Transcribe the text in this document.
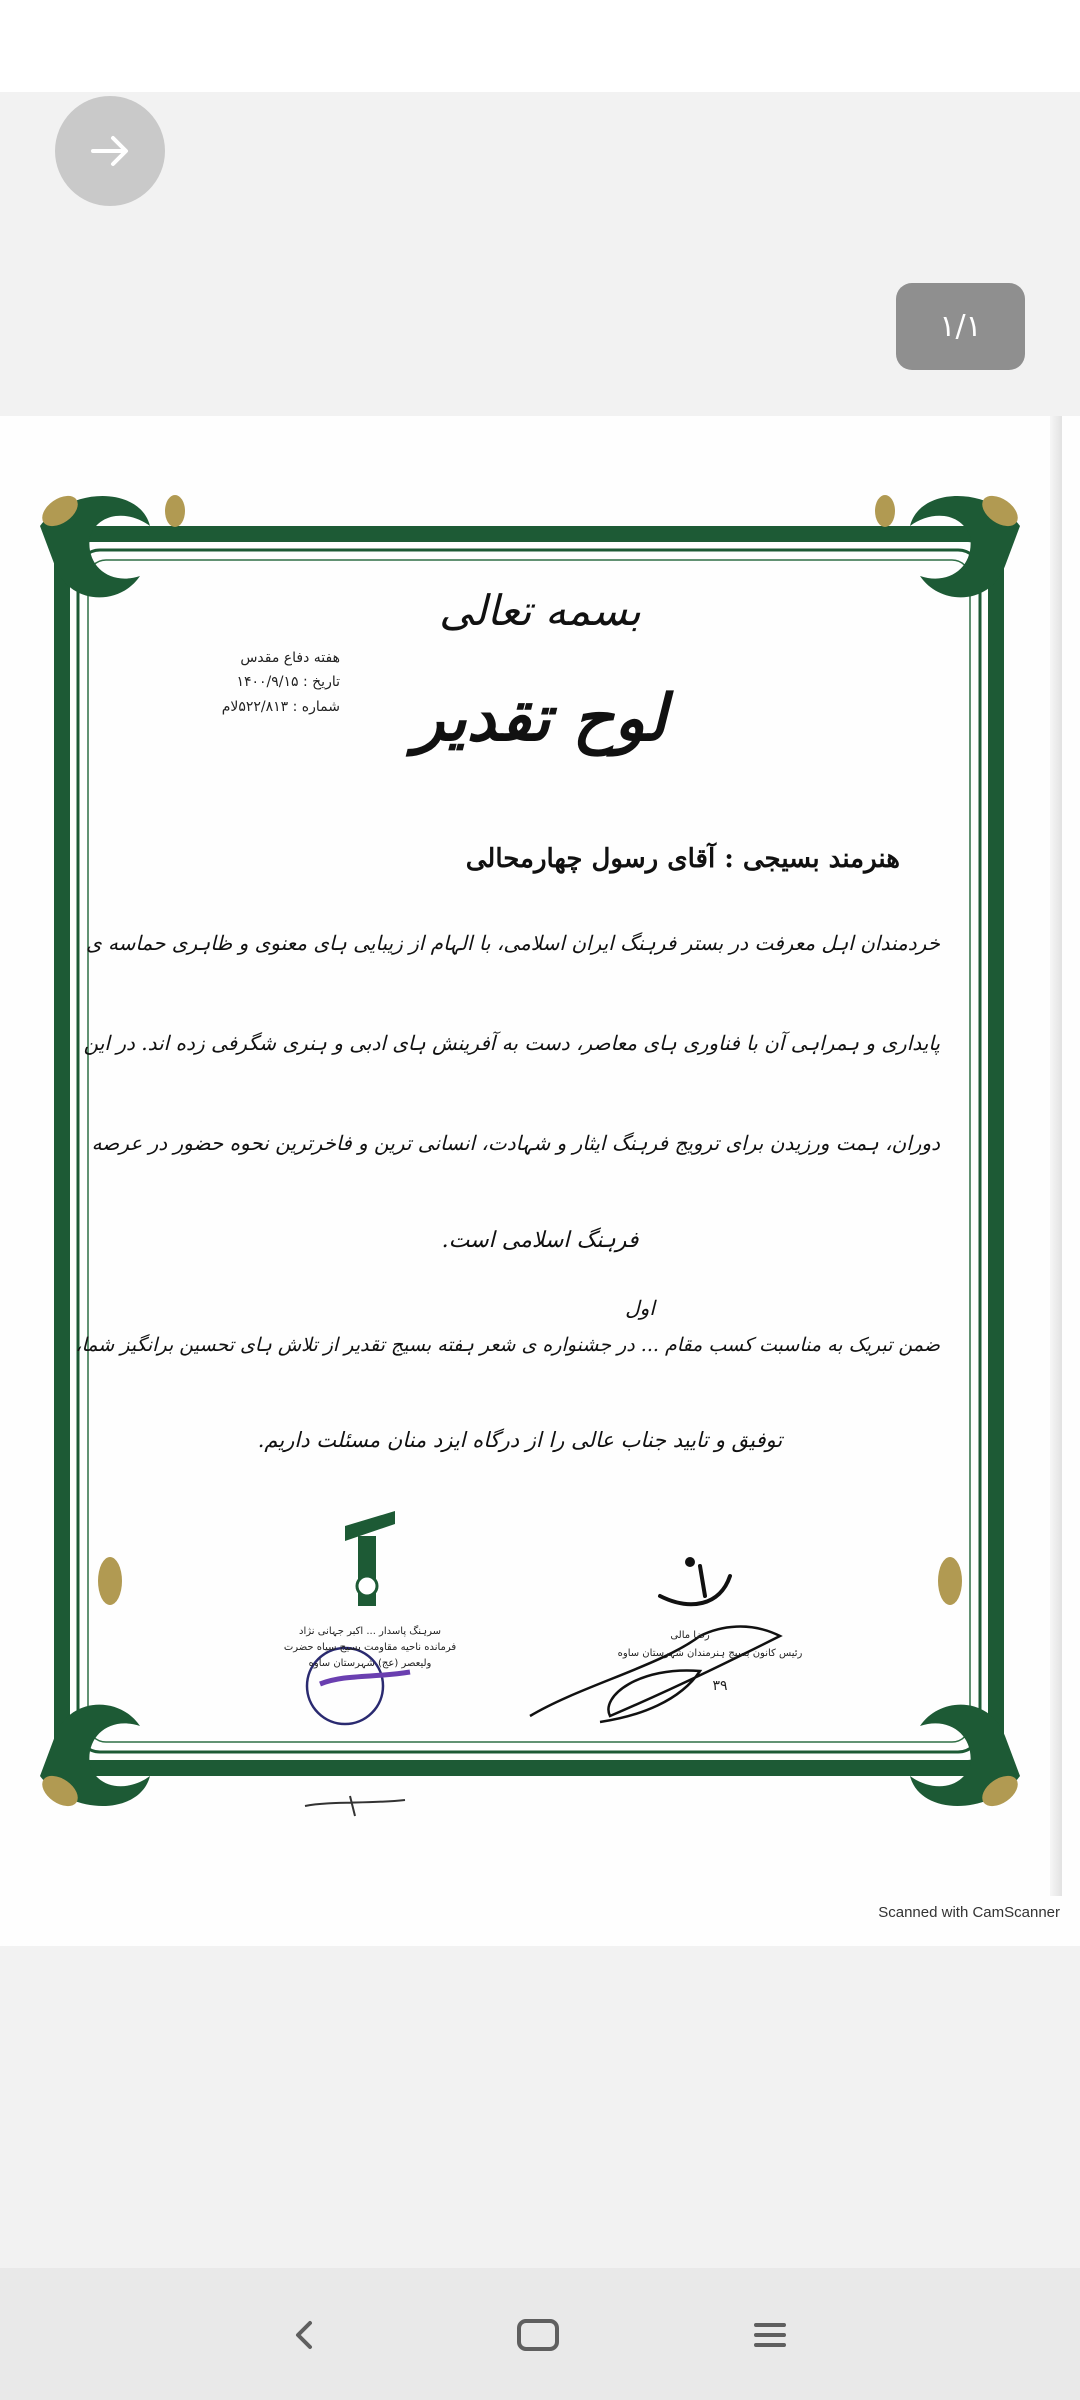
۱/۱
بسمه تعالی
لوح تقدیر
هفته دفاع مقدس
تاریخ : ۱۴۰۰/۹/۱۵
شماره : ۵۲۲/۸۱۳لام
هنرمند بسیجی : آقای رسول چهارمحالی
خردمندان اہل معرفت در بستر فرہنگ ایران اسلامی، با الہام از زیبایی ہای معنوی و ظاہری حماسه ی
پایداری و ہمراہی آن با فناوری ہای معاصر، دست به آفرینش ہای ادبی و ہنری شگرفی زده اند. در این
دوران، ہمت ورزیدن برای ترویج فرہنگ ایثار و شہادت، انسانی ترین و فاخرترین نحوه حضور در عرصه
فرہنگ اسلامی است.
اول
ضمن تبریک به مناسبت کسب مقام ... در جشنواره ی شعر ہفته بسیج تقدیر از تلاش ہای تحسین برانگیز شما،
توفیق و تایید جناب عالی را از درگاه ایزد منان مسئلت داریم.
سرہنگ پاسدار ... اکبر جہانی نژاد
فرمانده ناحیه مقاومت بسیج سپاه حضرت
ولیعصر (عج) شہرستان ساوه
رضا مالی
رئیس کانون بسیج ہنرمندان شہرستان ساوه
۳۹
Scanned with CamScanner
